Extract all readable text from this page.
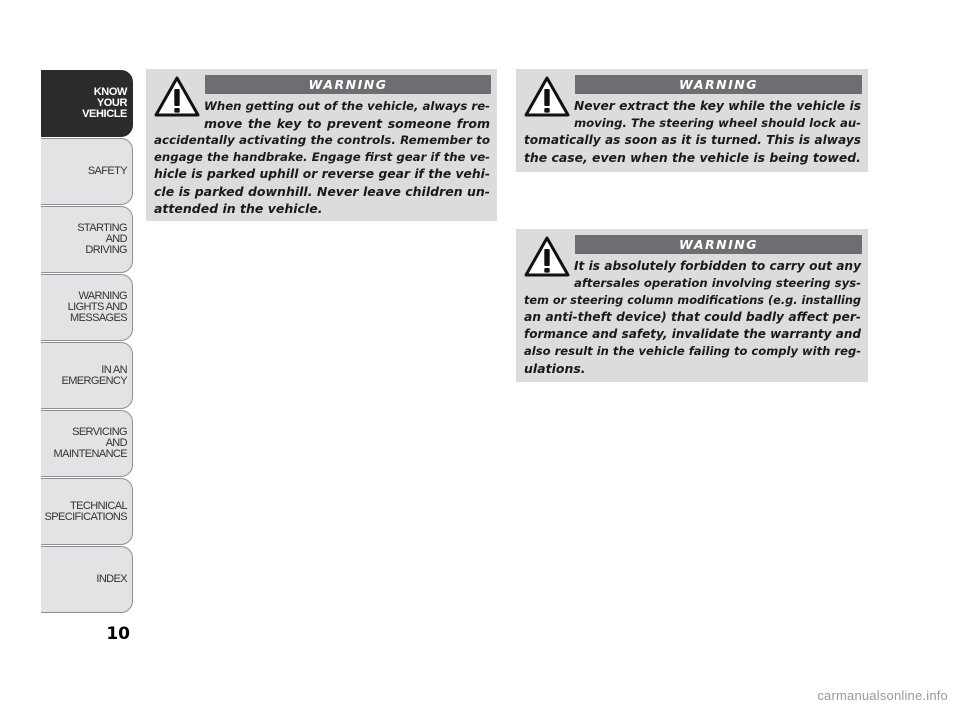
KNOW
YOUR
VEHICLE
SAFETY
STARTING
AND
DRIVING
WARNING
LIGHTS AND
MESSAGES
IN AN
EMERGENCY
SERVICING
AND
MAINTENANCE
TECHNICAL
SPECIFICATIONS
INDEX
10
WARNING
When getting out of the vehicle, always re-
move the key to prevent someone from
accidentally activating the controls. Remember to
engage the handbrake. Engage first gear if the ve-
hicle is parked uphill or reverse gear if the vehi-
cle is parked downhill. Never leave children un-
attended in the vehicle.
WARNING
Never extract the key while the vehicle is
moving. The steering wheel should lock au-
tomatically as soon as it is turned. This is always
the case, even when the vehicle is being towed.
WARNING
It is absolutely forbidden to carry out any
aftersales operation involving steering sys-
tem or steering column modifications (e.g. installing
an anti-theft device) that could badly affect per-
formance and safety, invalidate the warranty and
also result in the vehicle failing to comply with reg-
ulations.
carmanualsonline.info
